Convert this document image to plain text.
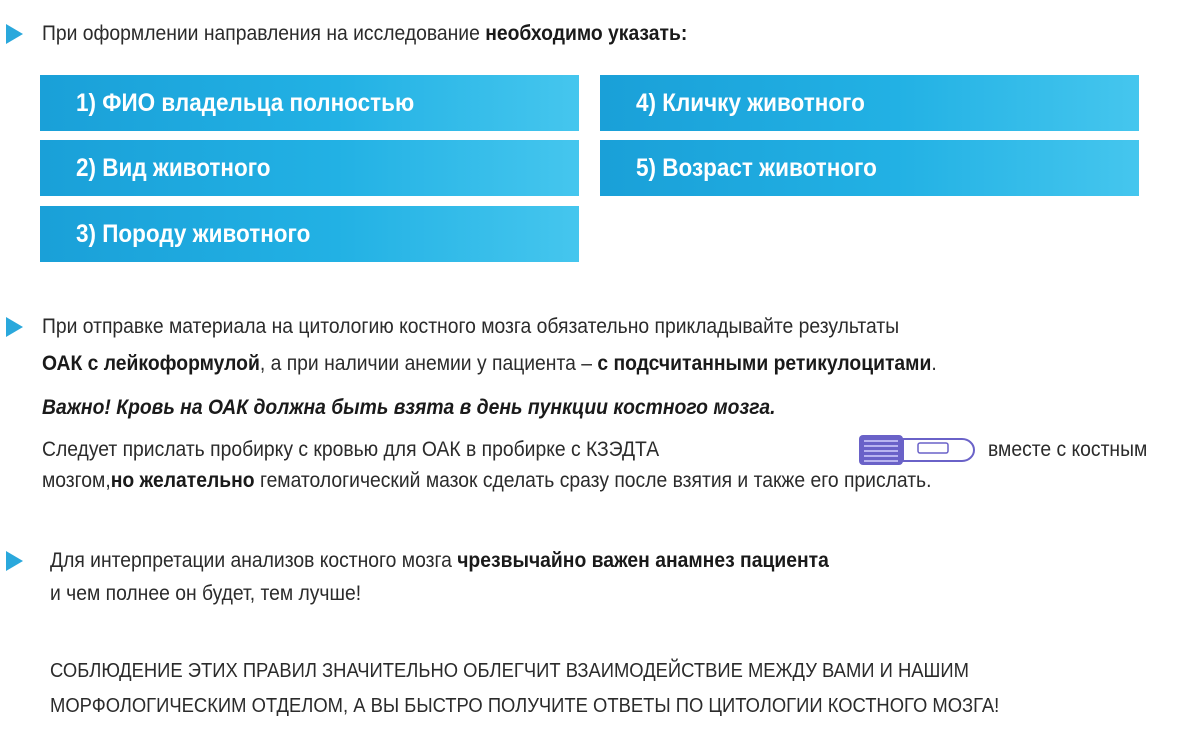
При оформлении направления на исследование необходимо указать:
1) ФИО владельца полностью
2) Вид животного
3) Породу животного
4) Кличку животного
5) Возраст животного
При отправке материала на цитологию костного мозга обязательно прикладывайте результаты
ОАК с лейкоформулой, а при наличии анемии у пациента – с подсчитанными ретикулоцитами.
Важно! Кровь на ОАК должна быть взята в день пункции костного мозга.
Следует прислать пробирку с кровью для ОАК в пробирке с КЗЭДТА	вместе с костным
мозгом,но желательно гематологический мазок сделать сразу после взятия и также его прислать.
Для интерпретации анализов костного мозга чрезвычайно важен анамнез пациента
и чем полнее он будет, тем лучше!
СОБЛЮДЕНИЕ ЭТИХ ПРАВИЛ ЗНАЧИТЕЛЬНО ОБЛЕГЧИТ ВЗАИМОДЕЙСТВИЕ МЕЖДУ ВАМИ И НАШИМ
МОРФОЛОГИЧЕСКИМ ОТДЕЛОМ, А ВЫ БЫСТРО ПОЛУЧИТЕ ОТВЕТЫ ПО ЦИТОЛОГИИ КОСТНОГО МОЗГА!
